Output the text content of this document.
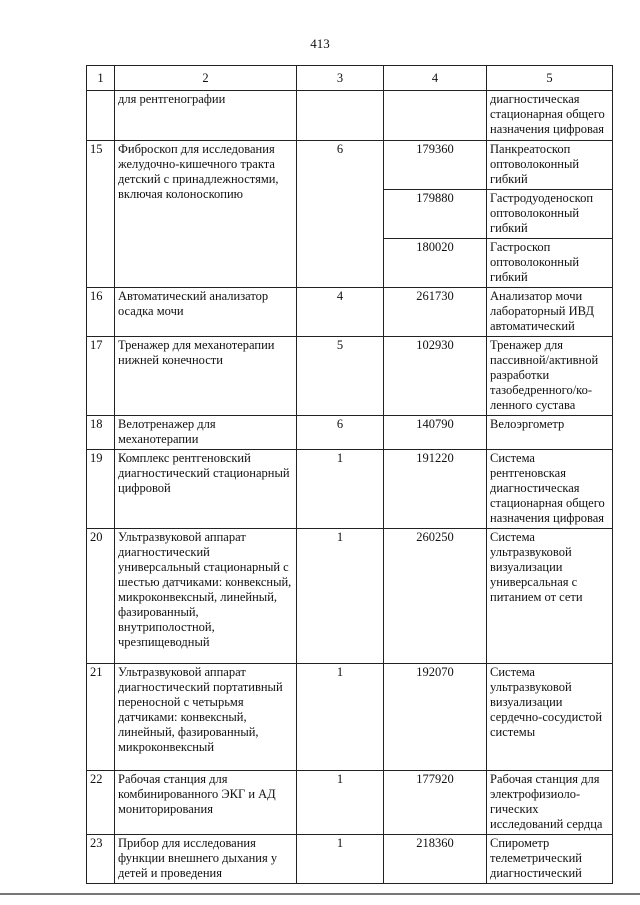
413
1	2	3	4	5
	для рентгенографии			диагностическая стационарная общего назначения цифровая
15	Фиброскоп для исследования желудочно-кишечного тракта детский с принадлежностями, включая колоноскопию	6	179360	Панкреатоскоп оптоволоконный гибкий
			179880	Гастродуоденоскоп оптоволоконный гибкий
			180020	Гастроскоп оптоволоконный гибкий
16	Автоматический анализатор осадка мочи	4	261730	Анализатор мочи лабораторный ИВД автоматический
17	Тренажер для механотерапии нижней конечности	5	102930	Тренажер для пассивной/активной разработки тазобедренного/ко-ленного сустава
18	Велотренажер для механотерапии	6	140790	Велоэргометр
19	Комплекс рентгеновский диагностический стационарный цифровой	1	191220	Система рентгеновская диагностическая стационарная общего назначения цифровая
20	Ультразвуковой аппарат диагностический универсальный стационарный с шестью датчиками: конвексный, микроконвексный, линейный, фазированный, внутриполостной, чрезпищеводный	1	260250	Система ультразвуковой визуализации универсальная с питанием от сети
21	Ультразвуковой аппарат диагностический портативный переносной с четырьмя датчиками: конвексный, линейный, фазированный, микроконвексный	1	192070	Система ультразвуковой визуализации сердечно-сосудистой системы
22	Рабочая станция для комбинированного ЭКГ и АД мониторирования	1	177920	Рабочая станция для электрофизиоло-гических исследований сердца
23	Прибор для исследования функции внешнего дыхания у детей и проведения	1	218360	Спирометр телеметрический диагностический
